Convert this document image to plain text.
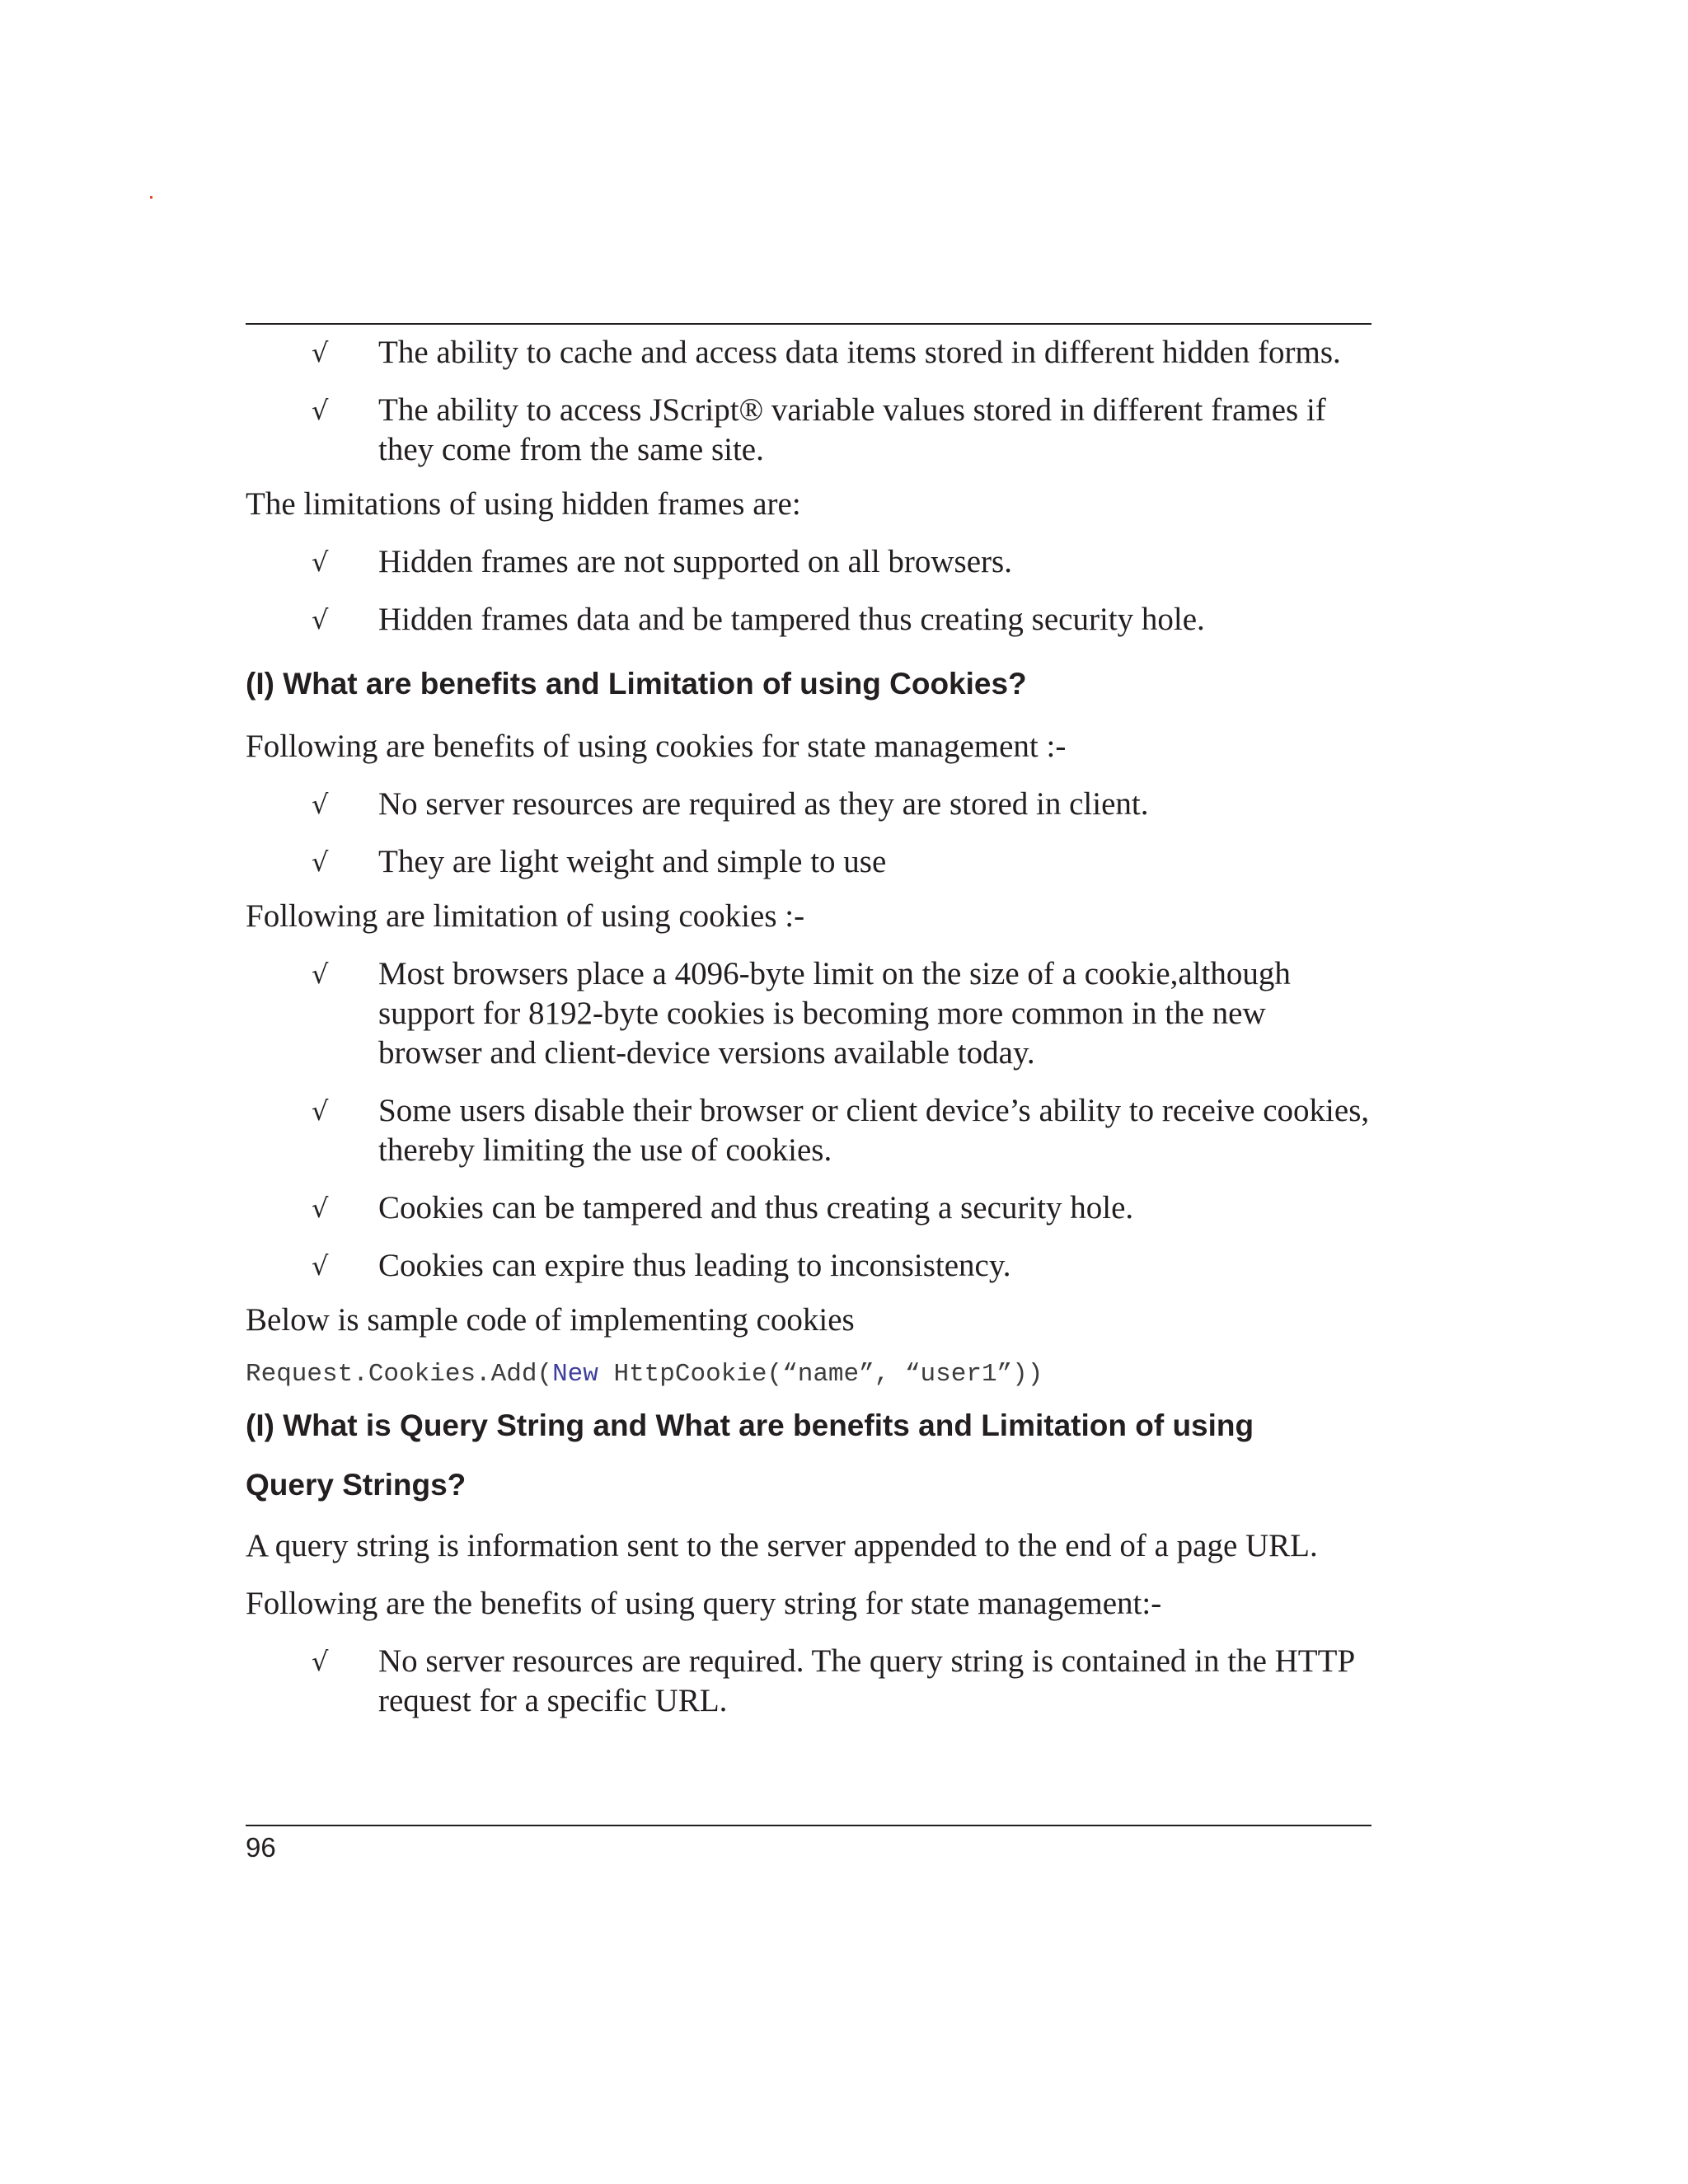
√	The ability to cache and access data items stored in different hidden forms.
√	The ability to access JScript® variable values stored in different frames if they come from the same site.

The limitations of using hidden frames are:

√	Hidden frames are not supported on all browsers.
√	Hidden frames data and be tampered thus creating security hole.
(I) What are benefits and Limitation of using Cookies?

Following are benefits of using cookies for state management :-

√	No server resources are required as they are stored in client.
√	They are light weight and simple to use

Following are limitation of using cookies :-

√	Most browsers place a 4096-byte limit on the size of a cookie,although support for 8192-byte cookies is becoming more common in the new browser and client-device versions available today.
√	Some users disable their browser or client device’s ability to receive cookies, thereby limiting the use of cookies.
√	Cookies can be tampered and thus creating a security hole.
√	Cookies can expire thus leading to inconsistency.

Below is sample code of implementing cookies

Request.Cookies.Add(New HttpCookie(“name”, “user1”))
(I) What is Query String and What are benefits and Limitation of using
Query Strings?

A query string is information sent to the server appended to the end of a page URL.

Following are the benefits of using query string for state management:-

√	No server resources are required. The query string is contained in the HTTP request for a specific URL.
96
